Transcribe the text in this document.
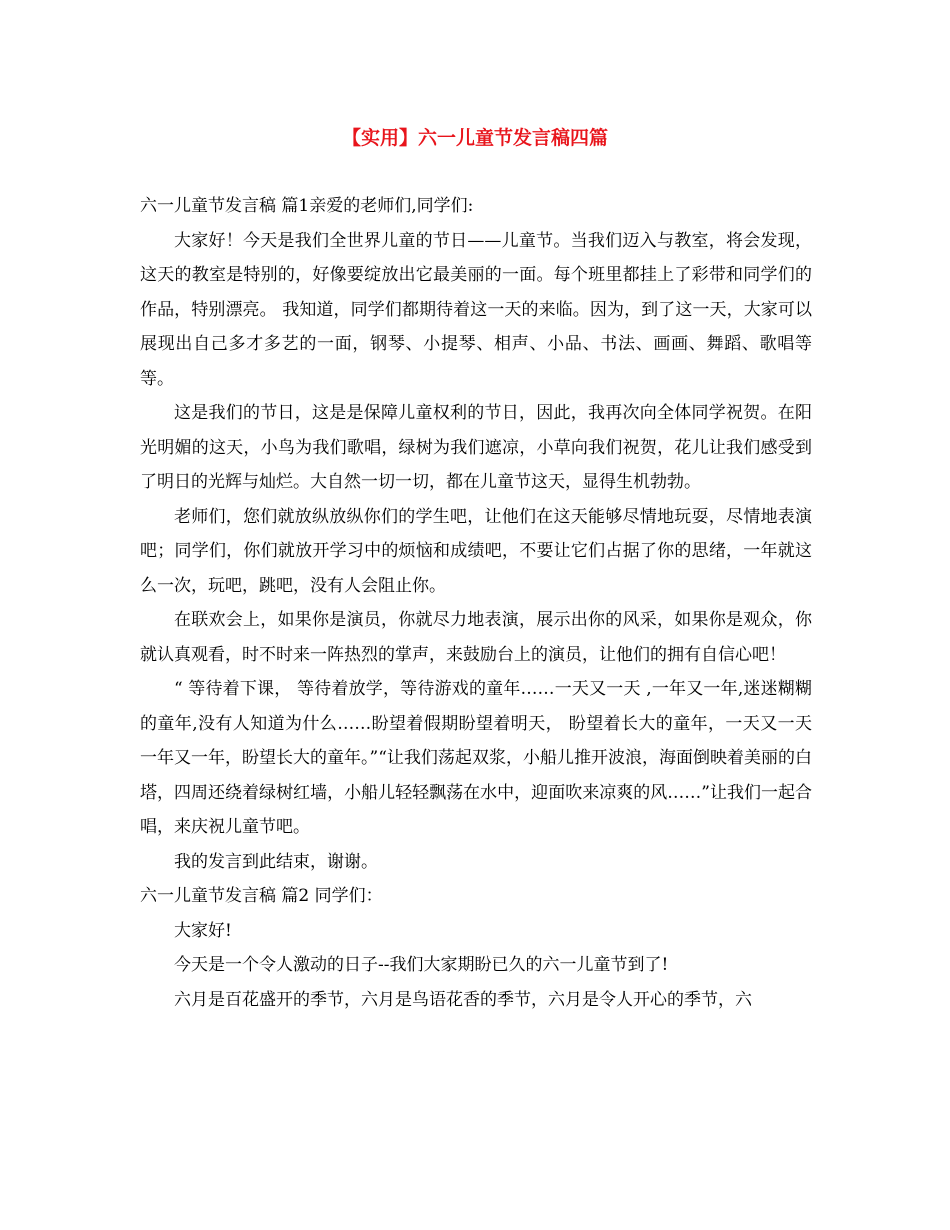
【实用】六一儿童节发言稿四篇

六一儿童节发言稿 篇1亲爱的老师们,同学们:

大家好！今天是我们全世界儿童的节日——儿童节。当我们迈入与教室，将会发现，这天的教室是特别的，好像要绽放出它最美丽的一面。每个班里都挂上了彩带和同学们的作品，特别漂亮。 我知道，同学们都期待着这一天的来临。因为，到了这一天，大家可以展现出自己多才多艺的一面，钢琴、小提琴、相声、小品、书法、画画、舞蹈、歌唱等等。

这是我们的节日，这是是保障儿童权利的节日，因此，我再次向全体同学祝贺。在阳光明媚的这天，小鸟为我们歌唱，绿树为我们遮凉，小草向我们祝贺，花儿让我们感受到了明日的光辉与灿烂。大自然一切一切，都在儿童节这天，显得生机勃勃。

老师们，您们就放纵放纵你们的学生吧，让他们在这天能够尽情地玩耍，尽情地表演吧；同学们，你们就放开学习中的烦恼和成绩吧，不要让它们占据了你的思绪，一年就这么一次，玩吧，跳吧，没有人会阻止你。

在联欢会上，如果你是演员，你就尽力地表演，展示出你的风采，如果你是观众，你就认真观看，时不时来一阵热烈的掌声，来鼓励台上的演员，让他们的拥有自信心吧！

“ 等待着下课， 等待着放学，等待游戏的童年……一天又一天 ,一年又一年,迷迷糊糊的童年,没有人知道为什么……盼望着假期盼望着明天， 盼望着长大的童年，一天又一天 一年又一年，盼望长大的童年。”“让我们荡起双浆，小船儿推开波浪，海面倒映着美丽的白塔，四周还绕着绿树红墙，小船儿轻轻飘荡在水中，迎面吹来凉爽的风……”让我们一起合唱，来庆祝儿童节吧。

我的发言到此结束，谢谢。

六一儿童节发言稿 篇2 同学们：

大家好!

今天是一个令人激动的日子--我们大家期盼已久的六一儿童节到了!

六月是百花盛开的季节，六月是鸟语花香的季节，六月是令人开心的季节，六
